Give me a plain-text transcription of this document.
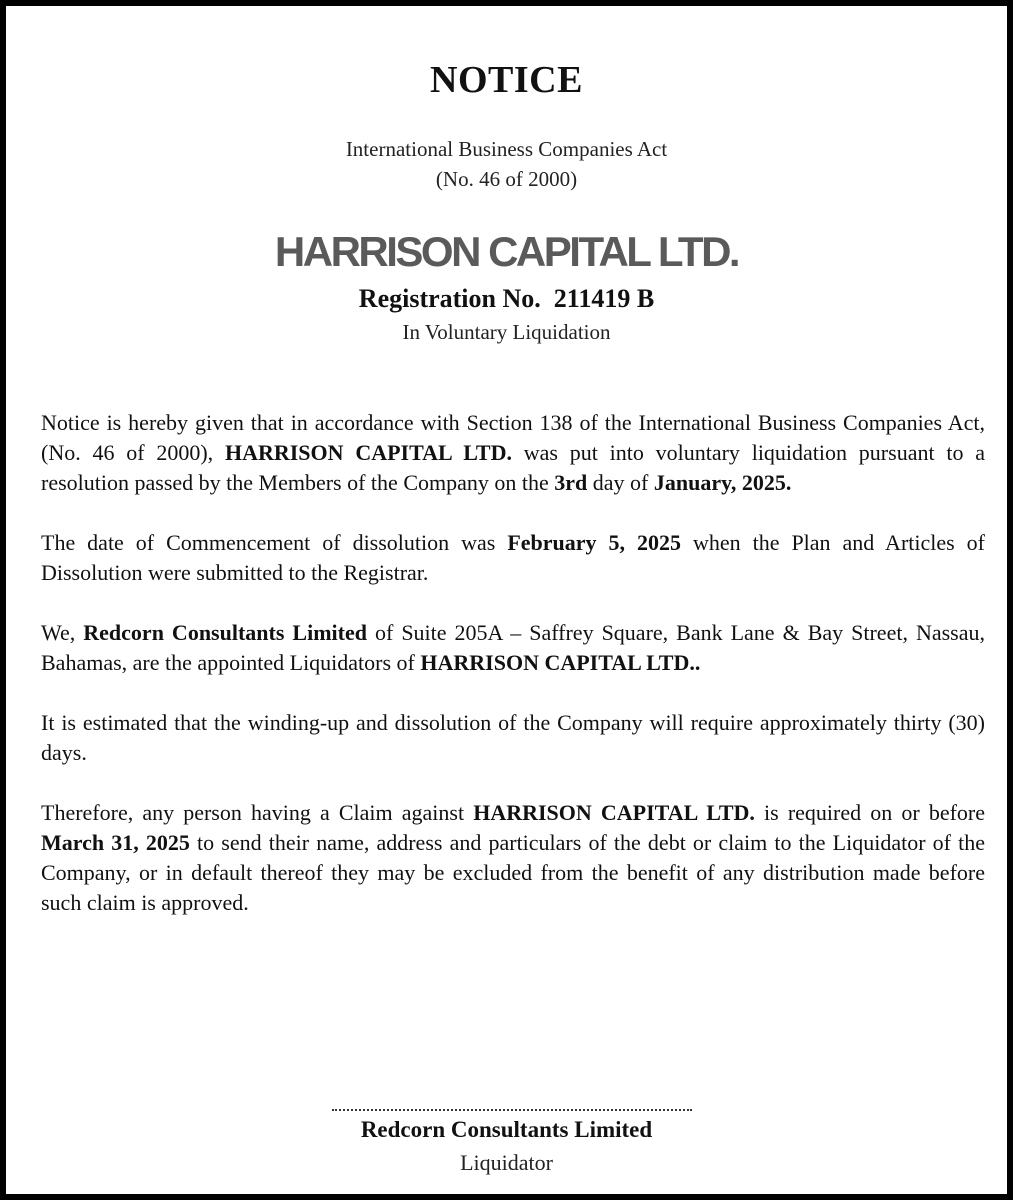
NOTICE
International Business Companies Act
(No. 46 of 2000)
HARRISON CAPITAL LTD.
Registration No.  211419 B
In Voluntary Liquidation

Notice is hereby given that in accordance with Section 138 of the International Business Companies Act, (No. 46 of 2000), HARRISON CAPITAL LTD. was put into voluntary liquidation pursuant to a resolution passed by the Members of the Company on the 3rd day of January, 2025.

The date of Commencement of dissolution was February 5, 2025 when the Plan and Articles of Dissolution were submitted to the Registrar.

We, Redcorn Consultants Limited of Suite 205A – Saffrey Square, Bank Lane & Bay Street, Nassau, Bahamas, are the appointed Liquidators of HARRISON CAPITAL LTD..

It is estimated that the winding-up and dissolution of the Company will require approximately thirty (30) days.

Therefore, any person having a Claim against HARRISON CAPITAL LTD. is required on or before March 31, 2025 to send their name, address and particulars of the debt or claim to the Liquidator of the Company, or in default thereof they may be excluded from the benefit of any distribution made before such claim is approved.

Redcorn Consultants Limited
Liquidator
